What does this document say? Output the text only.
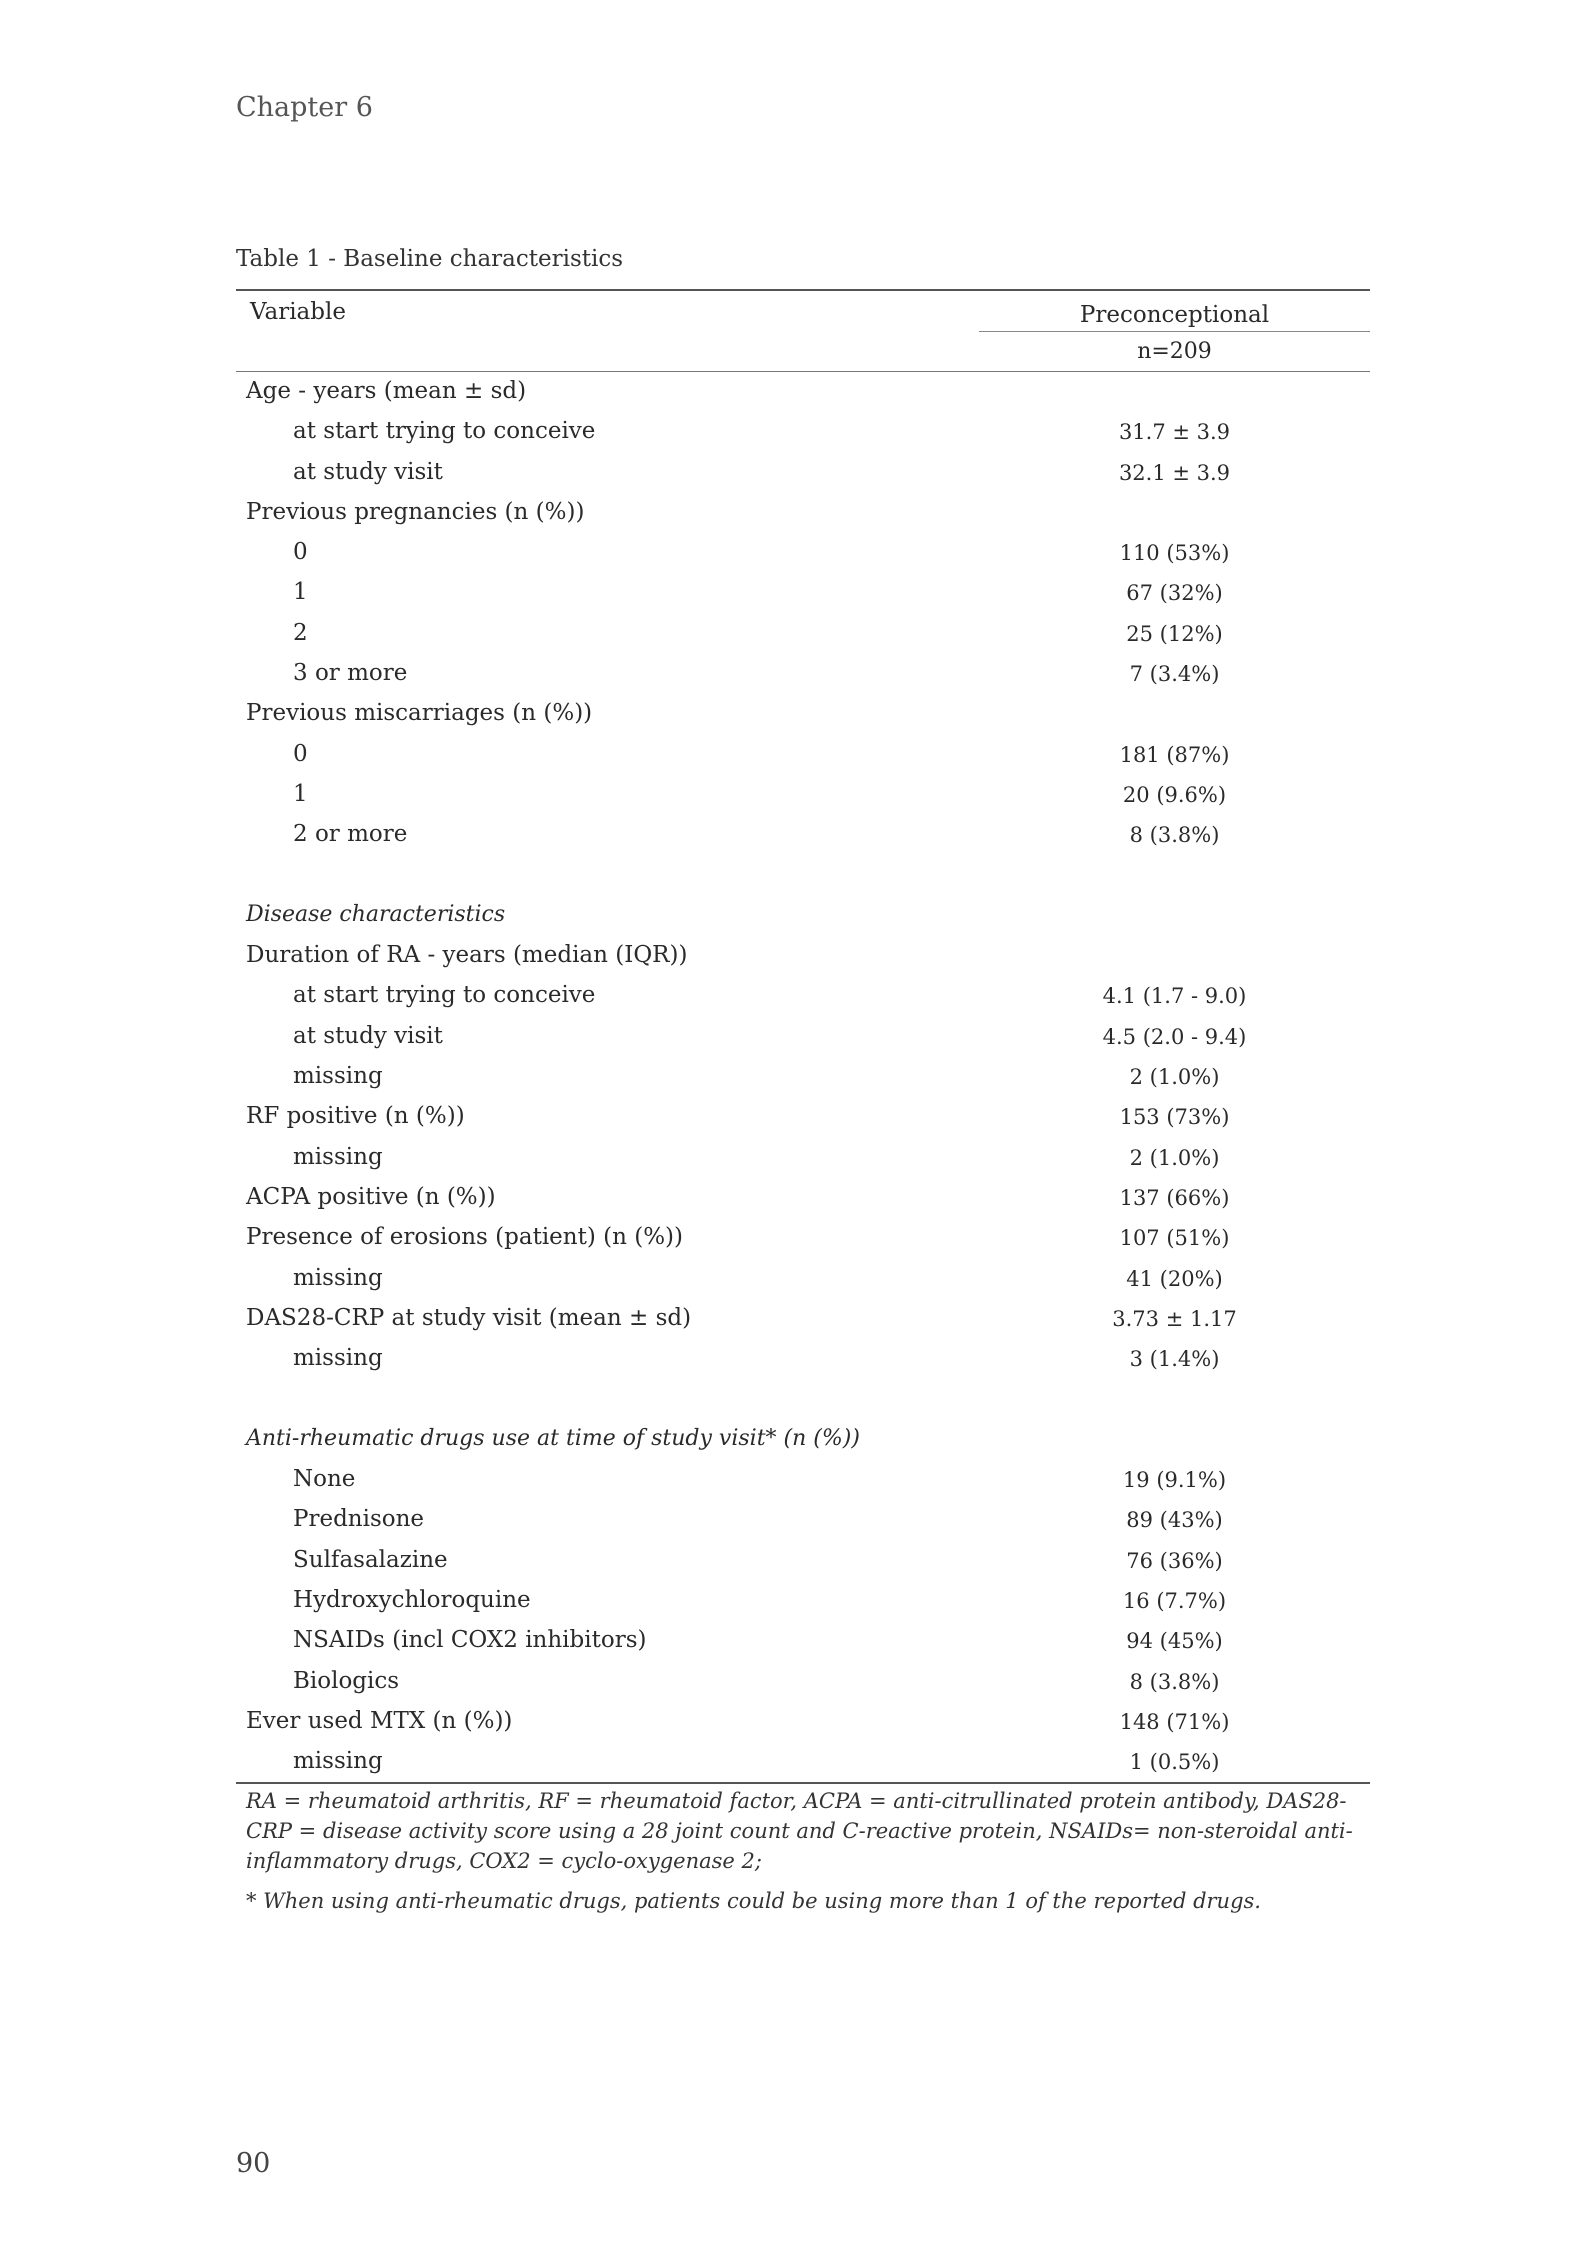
Chapter 6
Table 1 - Baseline characteristics
Variable	Preconceptional
n=209
Age - years (mean ± sd)
at start trying to conceive	31.7 ± 3.9
at study visit	32.1 ± 3.9
Previous pregnancies (n (%))
0	110 (53%)
1	67 (32%)
2	25 (12%)
3 or more	7 (3.4%)
Previous miscarriages (n (%))
0	181 (87%)
1	20 (9.6%)
2 or more	8 (3.8%)
Disease characteristics
Duration of RA - years (median (IQR))
at start trying to conceive	4.1 (1.7 - 9.0)
at study visit	4.5 (2.0 - 9.4)
missing	2 (1.0%)
RF positive (n (%))	153 (73%)
missing	2 (1.0%)
ACPA positive (n (%))	137 (66%)
Presence of erosions (patient) (n (%))	107 (51%)
missing	41 (20%)
DAS28-CRP at study visit (mean ± sd)	3.73 ± 1.17
missing	3 (1.4%)
Anti-rheumatic drugs use at time of study visit* (n (%))
None	19 (9.1%)
Prednisone	89 (43%)
Sulfasalazine	76 (36%)
Hydroxychloroquine	16 (7.7%)
NSAIDs (incl COX2 inhibitors)	94 (45%)
Biologics	8 (3.8%)
Ever used MTX (n (%))	148 (71%)
missing	1 (0.5%)

RA = rheumatoid arthritis, RF = rheumatoid factor, ACPA = anti-citrullinated protein antibody, DAS28-CRP = disease activity score using a 28 joint count and C-reactive protein, NSAIDs= non-steroidal anti-inflammatory drugs, COX2 = cyclo-oxygenase 2;

* When using anti-rheumatic drugs, patients could be using more than 1 of the reported drugs.

90
